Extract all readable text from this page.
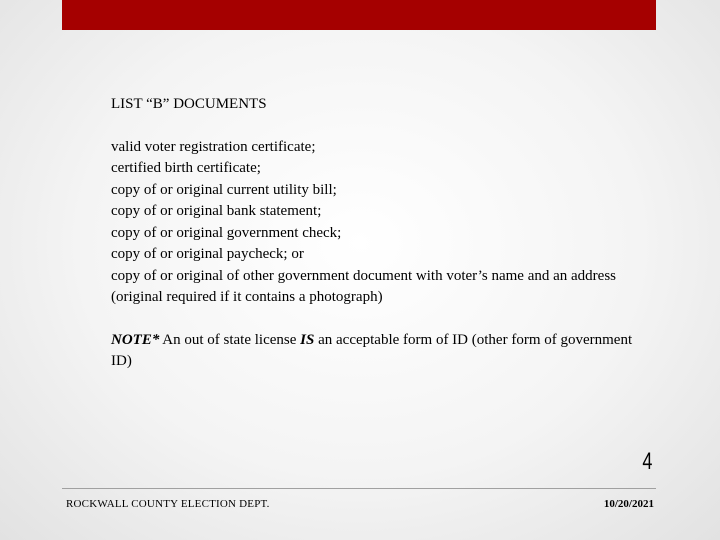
LIST “B” DOCUMENTS

valid voter registration certificate;
certified birth certificate;
copy of or original current utility bill;
copy of or original bank statement;
copy of or original government check;
copy of or original paycheck; or
copy of or original of other government document with voter’s name and an address (original required if it contains a photograph)

NOTE* An out of state license IS an acceptable form of ID (other form of government ID)

4
ROCKWALL COUNTY ELECTION DEPT.	10/20/2021
